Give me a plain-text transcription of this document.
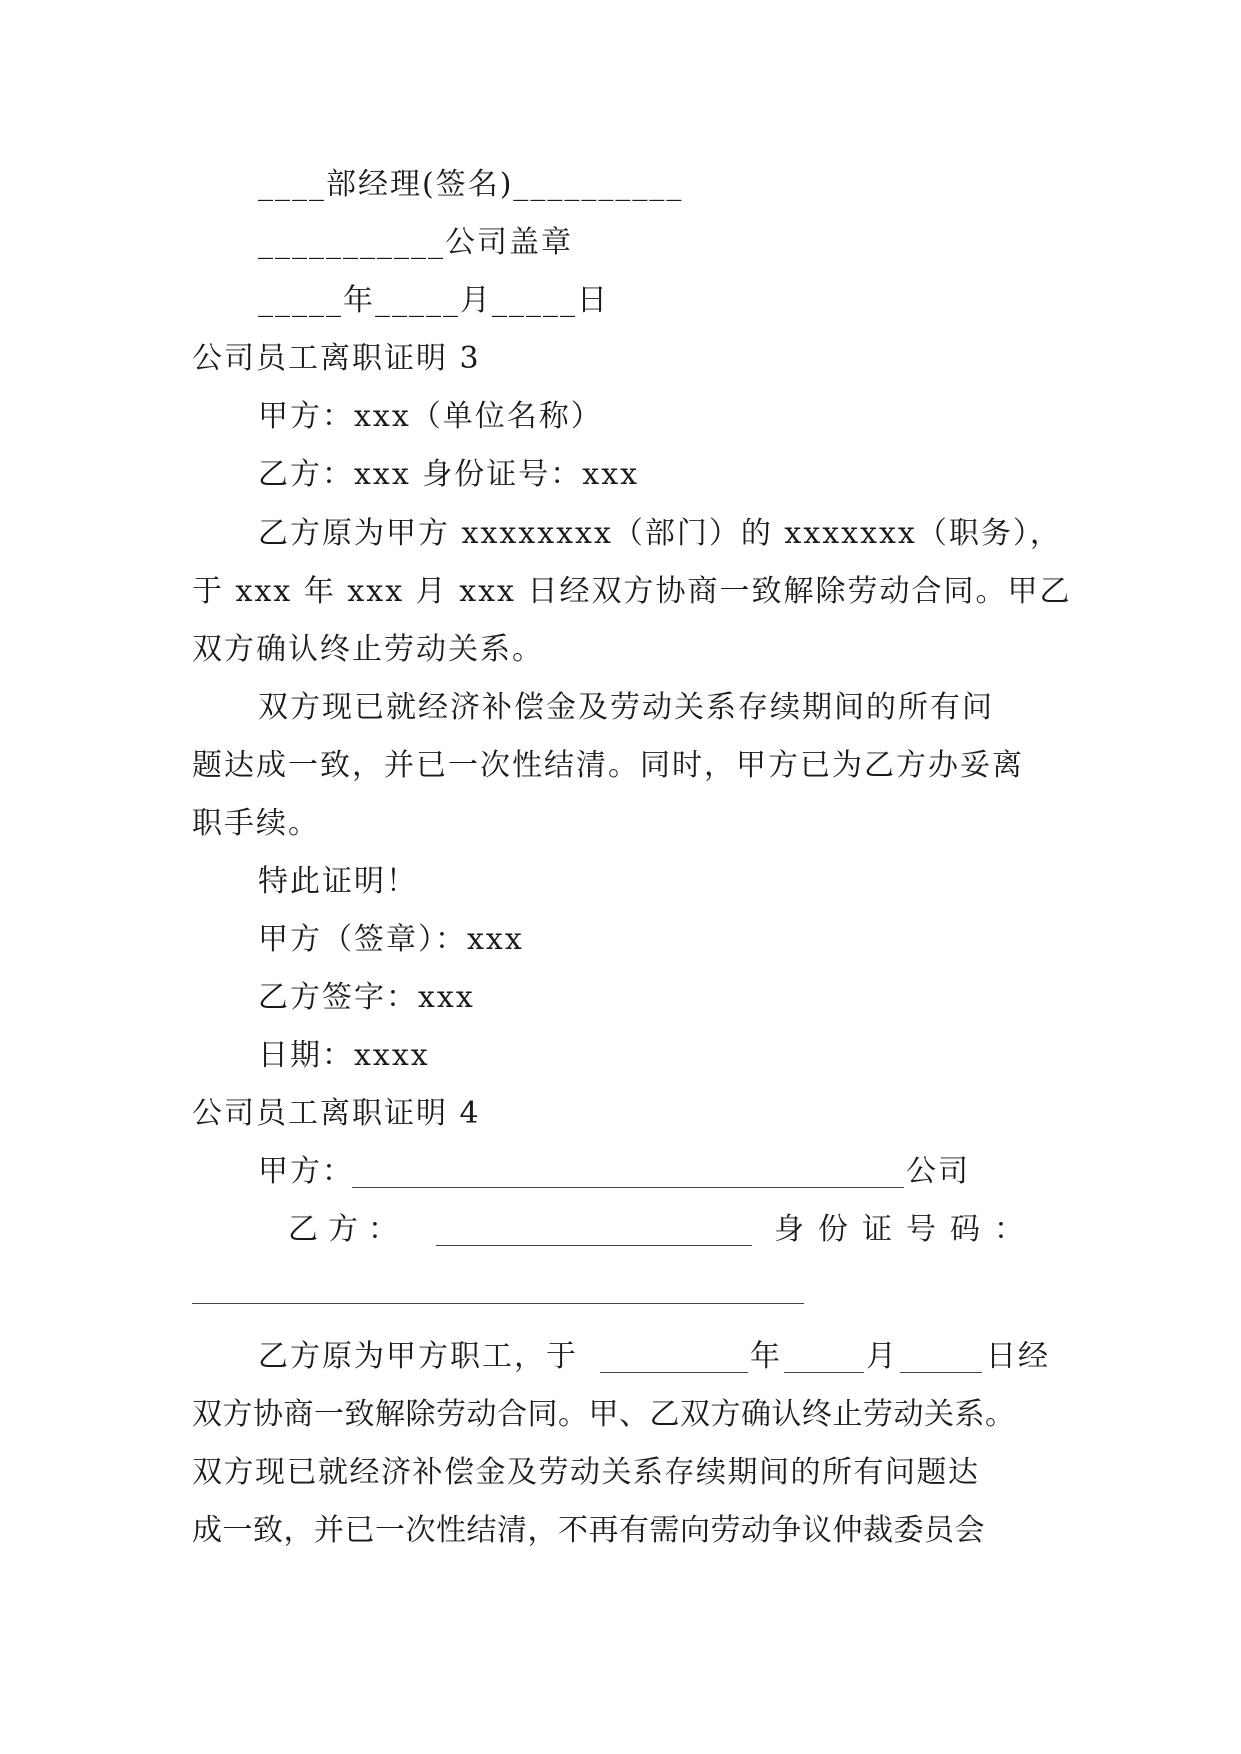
____部经理(签名)__________
___________公司盖章
_____年_____月_____日
公司员工离职证明 3
甲方：xxx（单位名称）
乙方：xxx 身份证号：xxx
乙方原为甲方 xxxxxxxx（部门）的 xxxxxxx（职务），
于 xxx 年 xxx 月 xxx 日经双方协商一致解除劳动合同。甲乙
双方确认终止劳动关系。
双方现已就经济补偿金及劳动关系存续期间的所有问
题达成一致，并已一次性结清。同时，甲方已为乙方办妥离
职手续。
特此证明！
甲方（签章）：xxx
乙方签字：xxx
日期：xxxx
公司员工离职证明 4
甲方：	公司
乙 方 ：	身 份 证 号 码 ：
乙方原为甲方职工，于	年	月	日经
双方协商一致解除劳动合同。甲、乙双方确认终止劳动关系。
双方现已就经济补偿金及劳动关系存续期间的所有问题达
成一致，并已一次性结清，不再有需向劳动争议仲裁委员会
